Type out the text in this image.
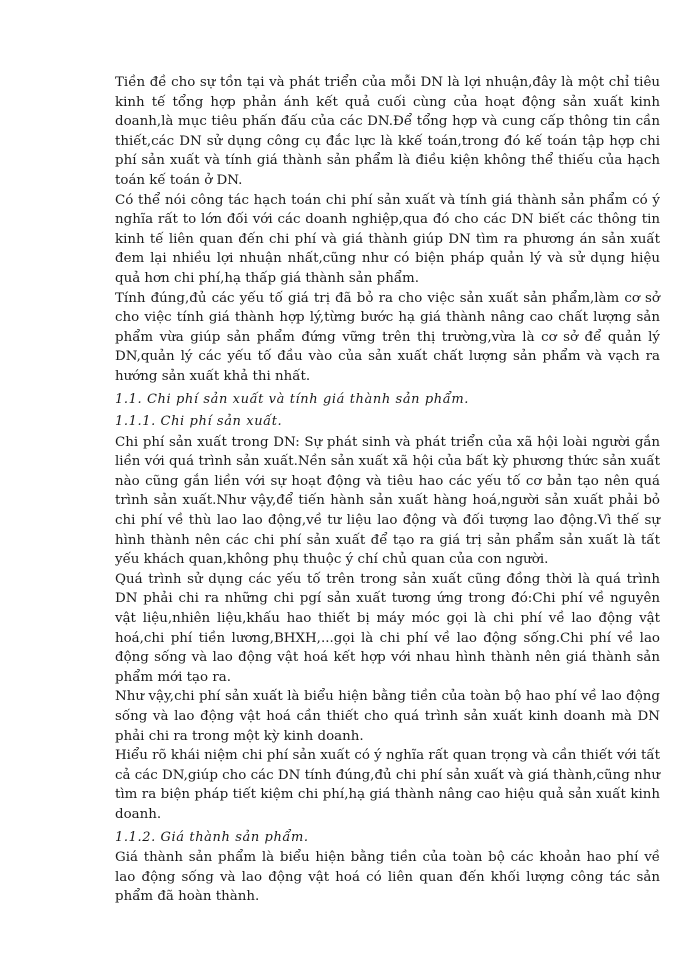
Tiền đề cho sự tồn tại và phát triển của mỗi DN là lợi nhuận,đây là một chỉ tiêu kinh tế tổng hợp phản ánh kết quả cuối cùng của hoạt động sản xuất kinh doanh,là mục tiêu phấn đấu của các DN.Để tổng hợp và cung cấp thông tin cần thiết,các DN sử dụng công cụ đắc lực là kkế toán,trong đó kế toán tập hợp chi phí sản xuất và tính giá thành sản phẩm là điều kiện không thể thiếu của hạch toán kế toán ở DN.

Có thể nói công tác hạch toán chi phí sản xuất và tính giá thành sản phẩm có ý nghĩa rất to lớn đối với các doanh nghiệp,qua đó cho các DN biết các thông tin kinh tế liên quan đến chi phí và giá thành giúp DN tìm ra phương án sản xuất đem lại nhiều lợi nhuận nhất,cũng như có biện pháp quản lý và sử dụng hiệu quả hơn chi phí,hạ thấp giá thành sản phẩm.

Tính đúng,đủ các yếu tố giá trị đã bỏ ra cho việc sản xuất sản phẩm,làm cơ sở cho việc tính giá thành hợp lý,từng bước hạ giá thành nâng cao chất lượng sản phẩm vừa giúp sản phẩm đứng vững trên thị trường,vừa là cơ sở để quản lý DN,quản lý các yếu tố đầu vào của sản xuất chất lượng sản phẩm và vạch ra hướng sản xuất khả thi nhất.

1.1. Chi phí sản xuất và tính giá thành sản phẩm.

1.1.1. Chi phí sản xuất.

Chi phí sản xuất trong DN: Sự phát sinh và phát triển của xã hội loài người gắn liền với quá trình sản xuất.Nền sản xuất xã hội của bất kỳ phương thức sản xuất nào cũng gắn liền với sự hoạt động và tiêu hao các yếu tố cơ bản tạo nên quá trình sản xuất.Như vậy,để tiến hành sản xuất hàng hoá,người sản xuất phải bỏ chi phí về thù lao lao động,về tư liệu lao động và đối tượng lao động.Vì thế sự hình thành nên các chi phí sản xuất để tạo ra giá trị sản phẩm sản xuất là tất yếu khách quan,không phụ thuộc ý chí chủ quan của con người.

Quá trình sử dụng các yếu tố trên trong sản xuất cũng đồng thời là quá trình DN phải chi ra những chi pgí sản xuất tương ứng trong đó:Chi phí về nguyên vật liệu,nhiên liệu,khấu hao thiết bị máy móc gọi là chi phí về lao động vật hoá,chi phí tiền lương,BHXH,...gọi là chi phí về lao động sống.Chi phí về lao động sống và lao động vật hoá kết hợp với nhau hình thành nên giá thành sản phẩm mới tạo ra.

Như vậy,chi phí sản xuất là biểu hiện bằng tiền của toàn bộ hao phí về lao động sống và lao động vật hoá cần thiết cho quá trình sản xuất kinh doanh mà DN phải chi ra trong một kỳ kinh doanh.

Hiểu rõ khái niệm chi phí sản xuất có ý nghĩa rất quan trọng và cần thiết với tất cả các DN,giúp cho các DN tính đúng,đủ chi phí sản xuất và giá thành,cũng như tìm ra biện pháp tiết kiệm chi phí,hạ giá thành nâng cao hiệu quả sản xuất kinh doanh.

1.1.2. Giá thành sản phẩm.

Giá thành sản phẩm là biểu hiện bằng tiền của toàn bộ các khoản hao phí về lao động sống và lao động vật hoá có liên quan đến khối lượng công tác sản phẩm đã hoàn thành.
